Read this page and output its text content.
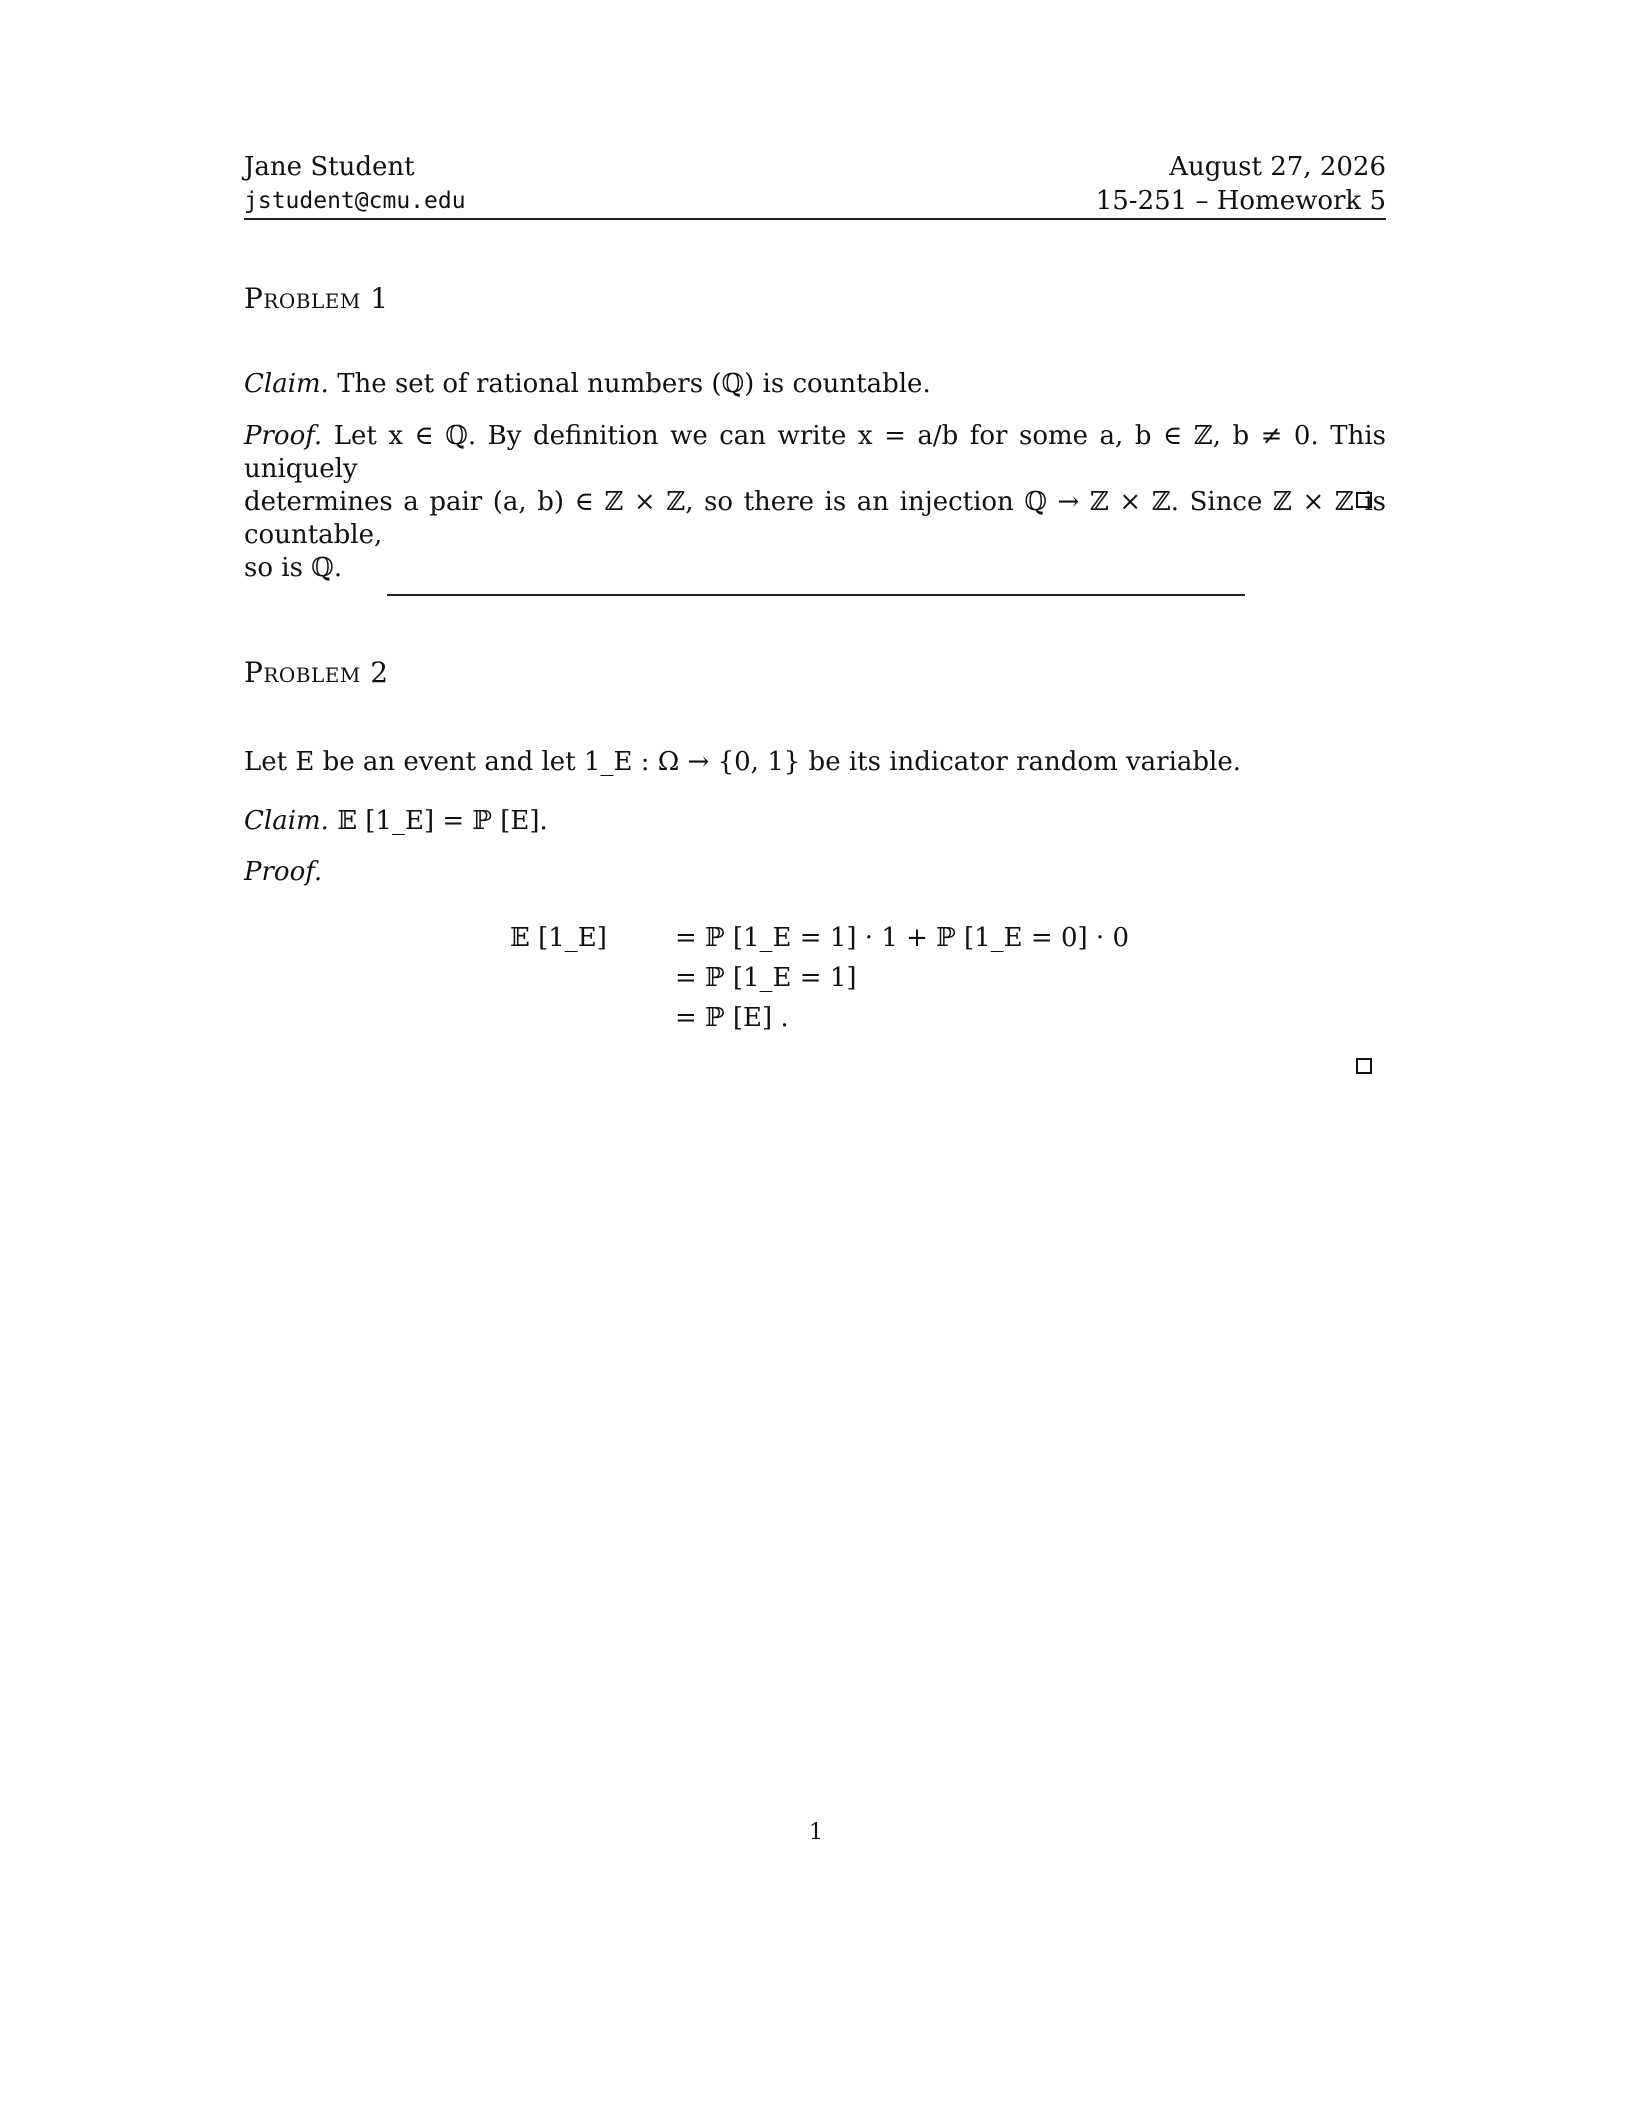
Jane Student
jstudent@cmu.edu
August 27, 2026
15-251 – Homework 5
Problem 1
Claim. The set of rational numbers (ℚ) is countable.
Proof. Let x ∈ ℚ. By definition we can write x = a/b for some a, b ∈ ℤ, b ≠ 0. This uniquely
determines a pair (a, b) ∈ ℤ × ℤ, so there is an injection ℚ → ℤ × ℤ. Since ℤ × ℤ is countable,
so is ℚ.
Problem 2
Let E be an event and let 1_E : Ω → {0, 1} be its indicator random variable.
Claim. 𝔼 [1_E] = ℙ [E].
Proof.
𝔼 [1_E]	= ℙ [1_E = 1] · 1 + ℙ [1_E = 0] · 0
= ℙ [1_E = 1]
= ℙ [E] .
1
